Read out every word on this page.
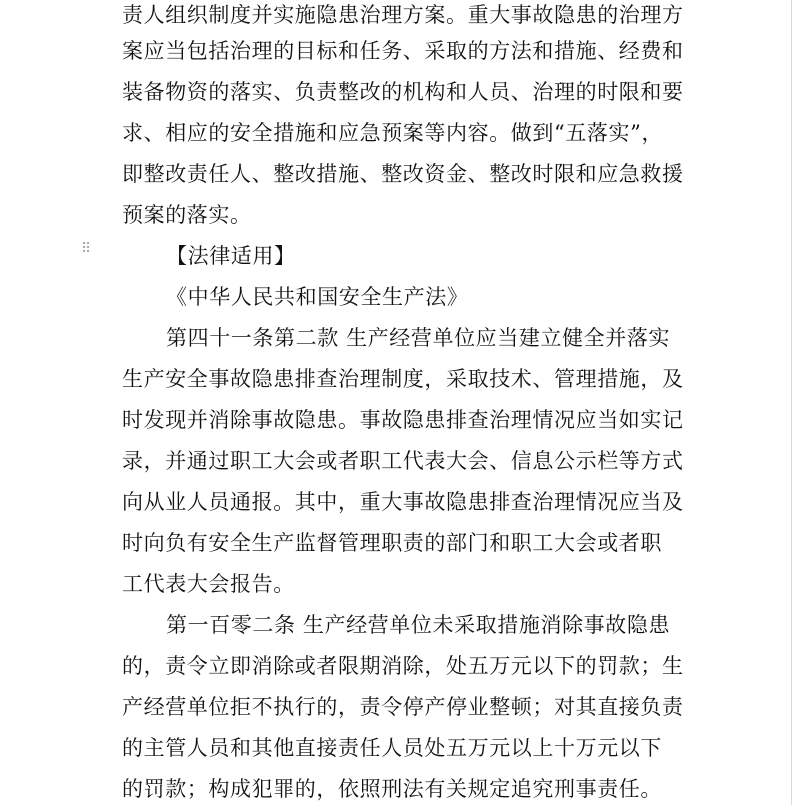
⠿
责人组织制度并实施隐患治理方案。重大事故隐患的治理方
案应当包括治理的目标和任务、采取的方法和措施、经费和
装备物资的落实、负责整改的机构和人员、治理的时限和要
求、相应的安全措施和应急预案等内容。做到“五落实”，
即整改责任人、整改措施、整改资金、整改时限和应急救援
预案的落实。
【法律适用】
《中华人民共和国安全生产法》
第四十一条第二款 生产经营单位应当建立健全并落实
生产安全事故隐患排查治理制度，采取技术、管理措施，及
时发现并消除事故隐患。事故隐患排查治理情况应当如实记
录，并通过职工大会或者职工代表大会、信息公示栏等方式
向从业人员通报。其中，重大事故隐患排查治理情况应当及
时向负有安全生产监督管理职责的部门和职工大会或者职
工代表大会报告。
第一百零二条 生产经营单位未采取措施消除事故隐患
的，责令立即消除或者限期消除，处五万元以下的罚款；生
产经营单位拒不执行的，责令停产停业整顿；对其直接负责
的主管人员和其他直接责任人员处五万元以上十万元以下
的罚款；构成犯罪的，依照刑法有关规定追究刑事责任。
